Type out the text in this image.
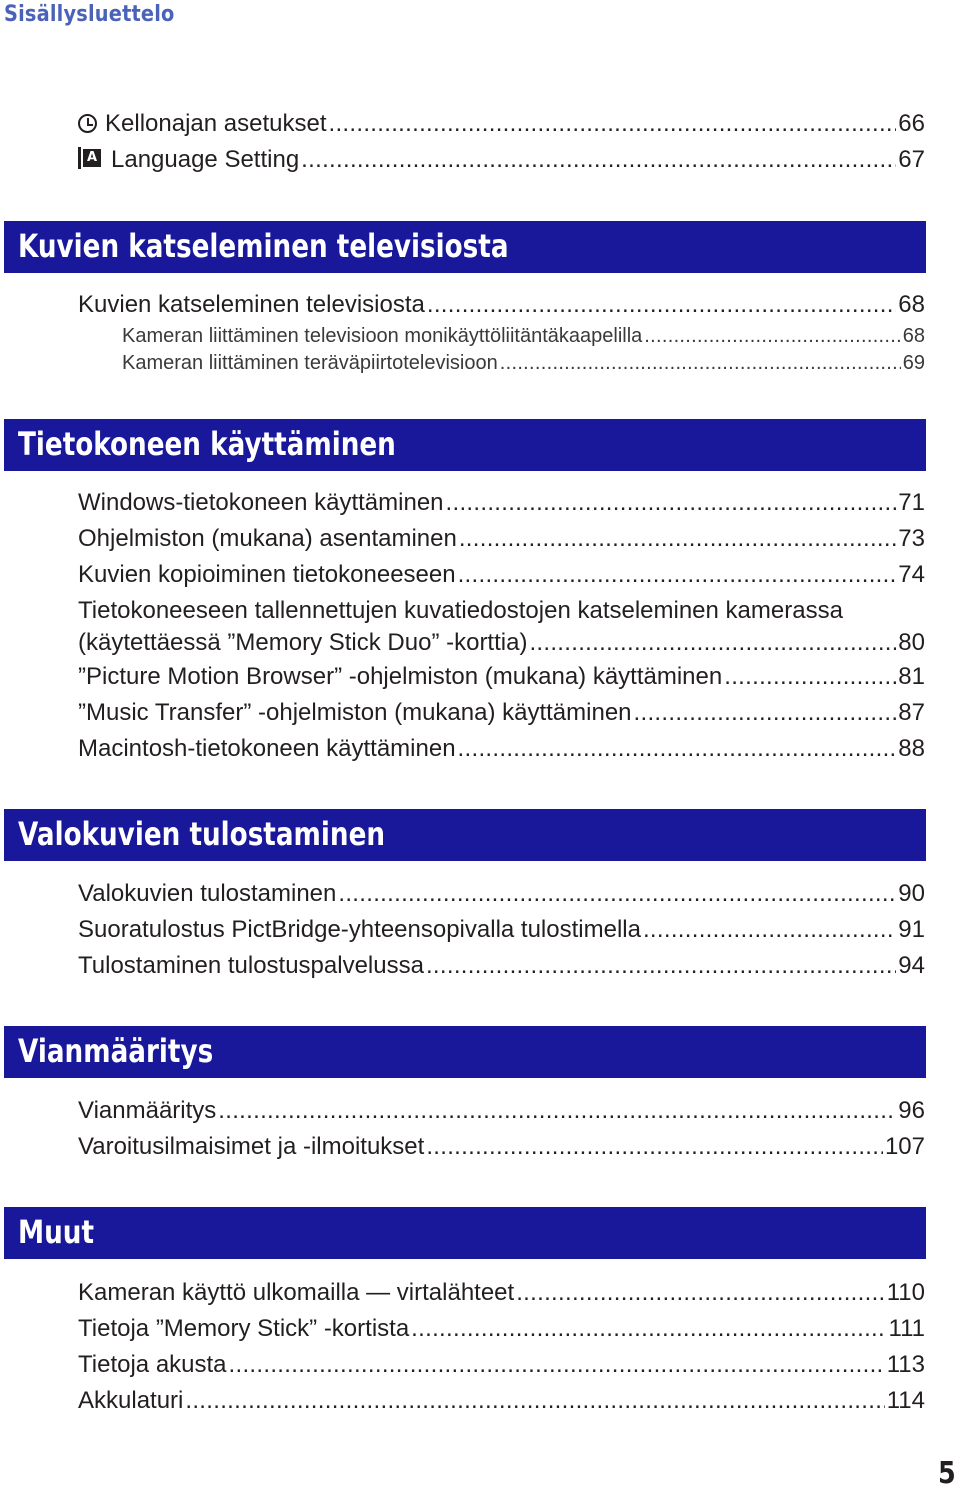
Sisällysluettelo
Kellonajan asetukset .....	66
A Language Setting .....	67
Kuvien katseleminen televisiosta
Kuvien katseleminen televisiosta .....	68
Kameran liittäminen televisioon monikäyttöliitäntäkaapelilla .....	68
Kameran liittäminen teräväpiirtotelevisioon .....	69
Tietokoneen käyttäminen
Windows-tietokoneen käyttäminen .....	71
Ohjelmiston (mukana) asentaminen .....	73
Kuvien kopioiminen tietokoneeseen .....	74
Tietokoneeseen tallennettujen kuvatiedostojen katseleminen kamerassa
(käytettäessä ”Memory Stick Duo” -korttia) .....	80
”Picture Motion Browser” -ohjelmiston (mukana) käyttäminen .....	81
”Music Transfer” -ohjelmiston (mukana) käyttäminen .....	87
Macintosh-tietokoneen käyttäminen .....	88
Valokuvien tulostaminen
Valokuvien tulostaminen .....	90
Suoratulostus PictBridge-yhteensopivalla tulostimella .....	91
Tulostaminen tulostuspalvelussa .....	94
Vianmääritys
Vianmääritys .....	96
Varoitusilmaisimet ja -ilmoitukset .....	107
Muut
Kameran käyttö ulkomailla — virtalähteet .....	110
Tietoja ”Memory Stick” -kortista .....	111
Tietoja akusta .....	113
Akkulaturi .....	114
5
